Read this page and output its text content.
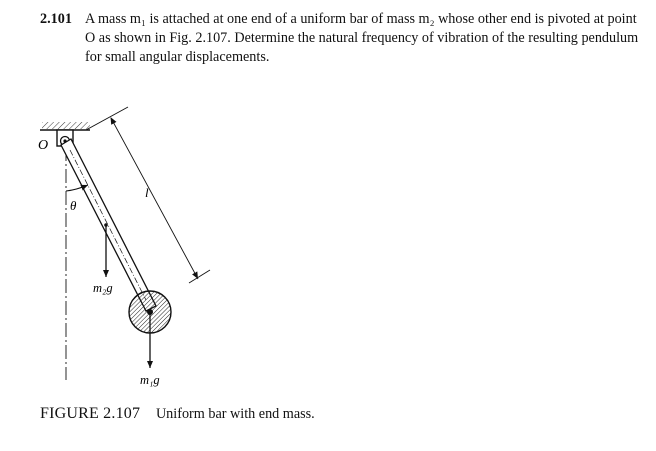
2.101 A mass m₁ is attached at one end of a uniform bar of mass m₂ whose other end is pivoted at point O as shown in Fig. 2.107. Determine the natural frequency of vibration of the resulting pendulum for small angular displacements.
θ
O
m₂g
m₁g
l
FIGURE 2.107 Uniform bar with end mass.
